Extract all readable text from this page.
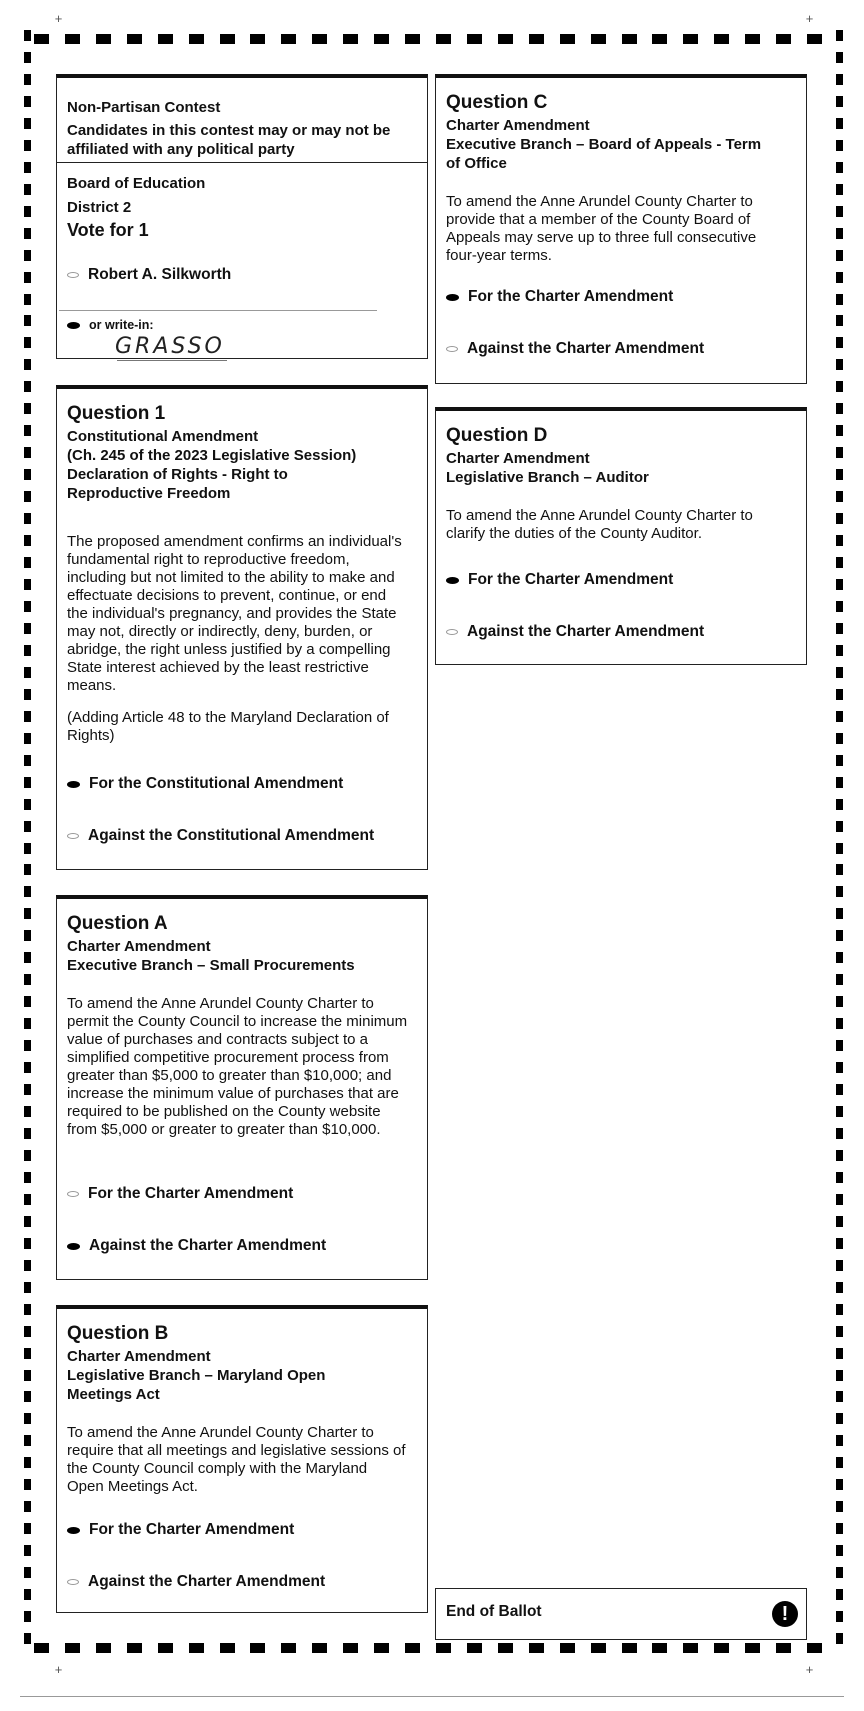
+	+
+	+
Non-Partisan Contest
Candidates in this contest may or may not be affiliated with any political party
Board of Education
District 2
Vote for 1
Robert A. Silkworth
or write-in:
GRASSO
Question 1
Constitutional Amendment
(Ch. 245 of the 2023 Legislative Session)
Declaration of Rights - Right to Reproductive Freedom
The proposed amendment confirms an individual's fundamental right to reproductive freedom, including but not limited to the ability to make and effectuate decisions to prevent, continue, or end the individual's pregnancy, and provides the State may not, directly or indirectly, deny, burden, or abridge, the right unless justified by a compelling State interest achieved by the least restrictive means.
(Adding Article 48 to the Maryland Declaration of Rights)
For the Constitutional Amendment
Against the Constitutional Amendment
Question A
Charter Amendment
Executive Branch – Small Procurements
To amend the Anne Arundel County Charter to permit the County Council to increase the minimum value of purchases and contracts subject to a simplified competitive procurement process from greater than $5,000 to greater than $10,000; and increase the minimum value of purchases that are required to be published on the County website from $5,000 or greater to greater than $10,000.
For the Charter Amendment
Against the Charter Amendment
Question B
Charter Amendment
Legislative Branch – Maryland Open Meetings Act
To amend the Anne Arundel County Charter to require that all meetings and legislative sessions of the County Council comply with the Maryland Open Meetings Act.
For the Charter Amendment
Against the Charter Amendment
Question C
Charter Amendment
Executive Branch – Board of Appeals - Term of Office
To amend the Anne Arundel County Charter to provide that a member of the County Board of Appeals may serve up to three full consecutive four-year terms.
For the Charter Amendment
Against the Charter Amendment
Question D
Charter Amendment
Legislative Branch – Auditor
To amend the Anne Arundel County Charter to clarify the duties of the County Auditor.
For the Charter Amendment
Against the Charter Amendment
End of Ballot	!
